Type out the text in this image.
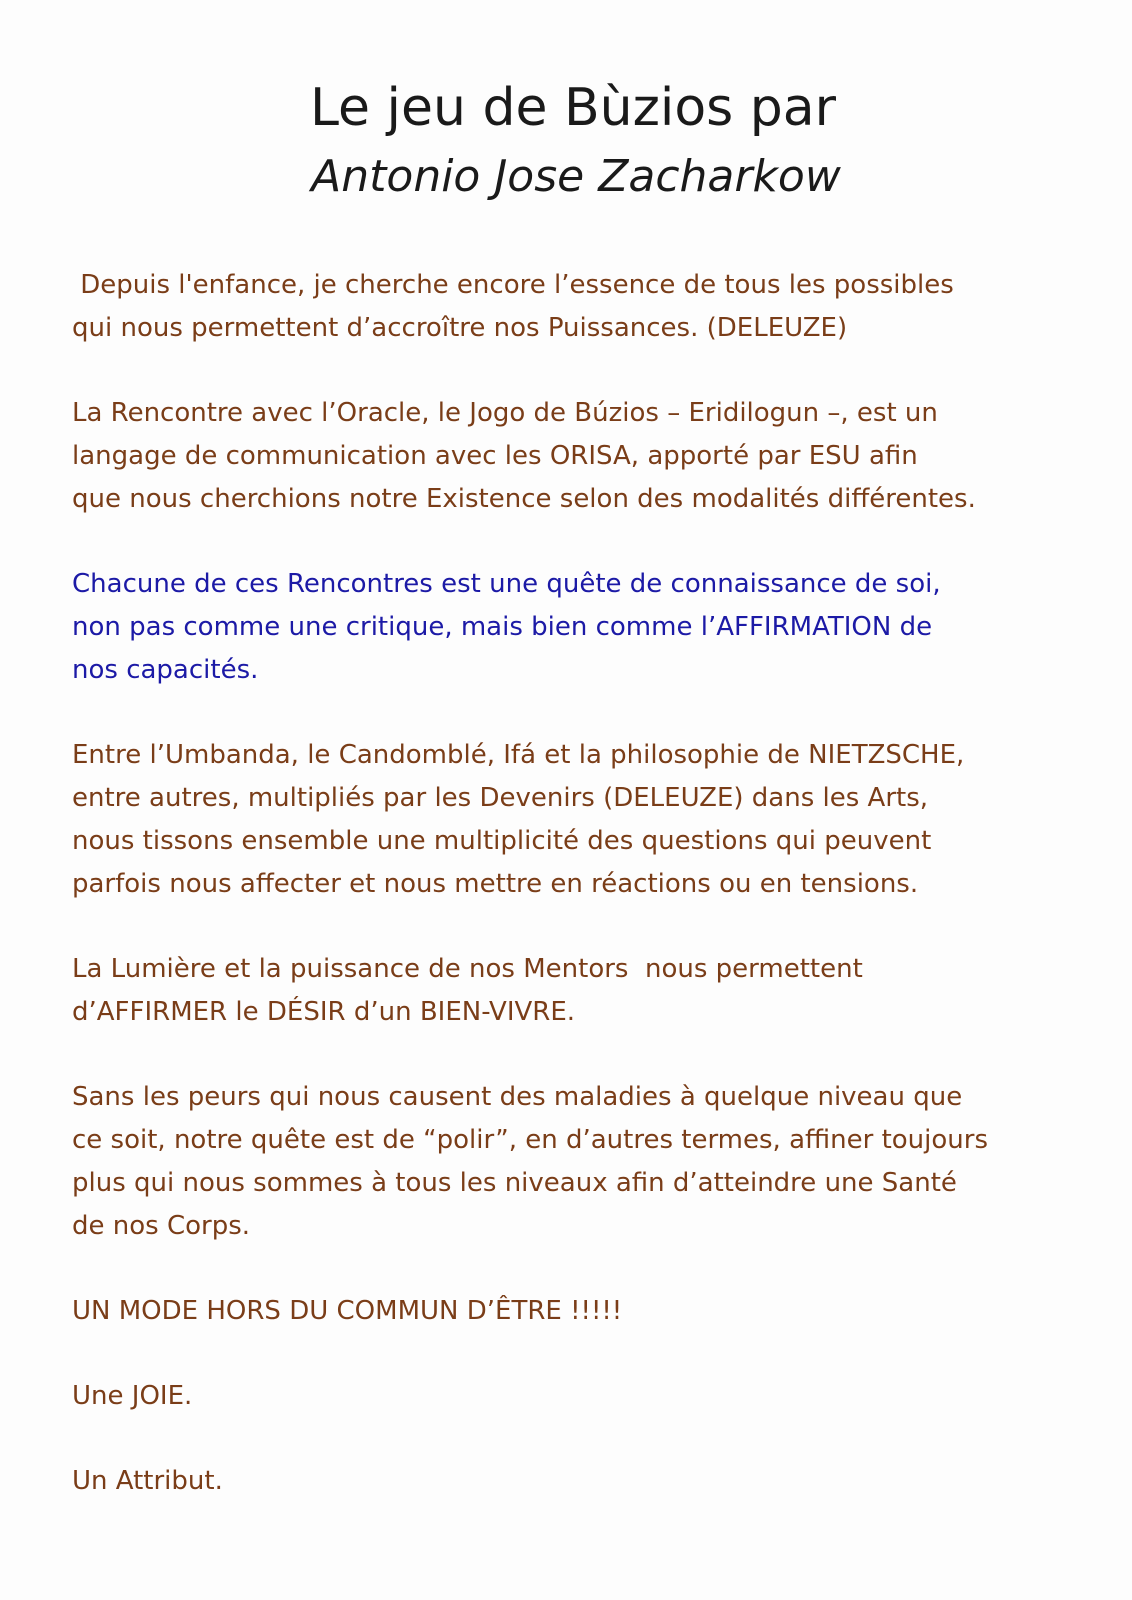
Le jeu de Bùzios par

Antonio Jose Zacharkow

Depuis l'enfance, je cherche encore l’essence de tous les possibles
qui nous permettent d’accroître nos Puissances. (DELEUZE)

La Rencontre avec l’Oracle, le Jogo de Búzios – Eridilogun –, est un
langage de communication avec les ORISA, apporté par ESU afin
que nous cherchions notre Existence selon des modalités différentes.

Chacune de ces Rencontres est une quête de connaissance de soi,
non pas comme une critique, mais bien comme l’AFFIRMATION de
nos capacités.

Entre l’Umbanda, le Candomblé, Ifá et la philosophie de NIETZSCHE,
entre autres, multipliés par les Devenirs (DELEUZE) dans les Arts,
nous tissons ensemble une multiplicité des questions qui peuvent
parfois nous affecter et nous mettre en réactions ou en tensions.

La Lumière et la puissance de nos Mentors  nous permettent
d’AFFIRMER le DÉSIR d’un BIEN-VIVRE.

Sans les peurs qui nous causent des maladies à quelque niveau que
ce soit, notre quête est de “polir”, en d’autres termes, affiner toujours
plus qui nous sommes à tous les niveaux afin d’atteindre une Santé
de nos Corps.

UN MODE HORS DU COMMUN D’ÊTRE !!!!!

Une JOIE.

Un Attribut.
